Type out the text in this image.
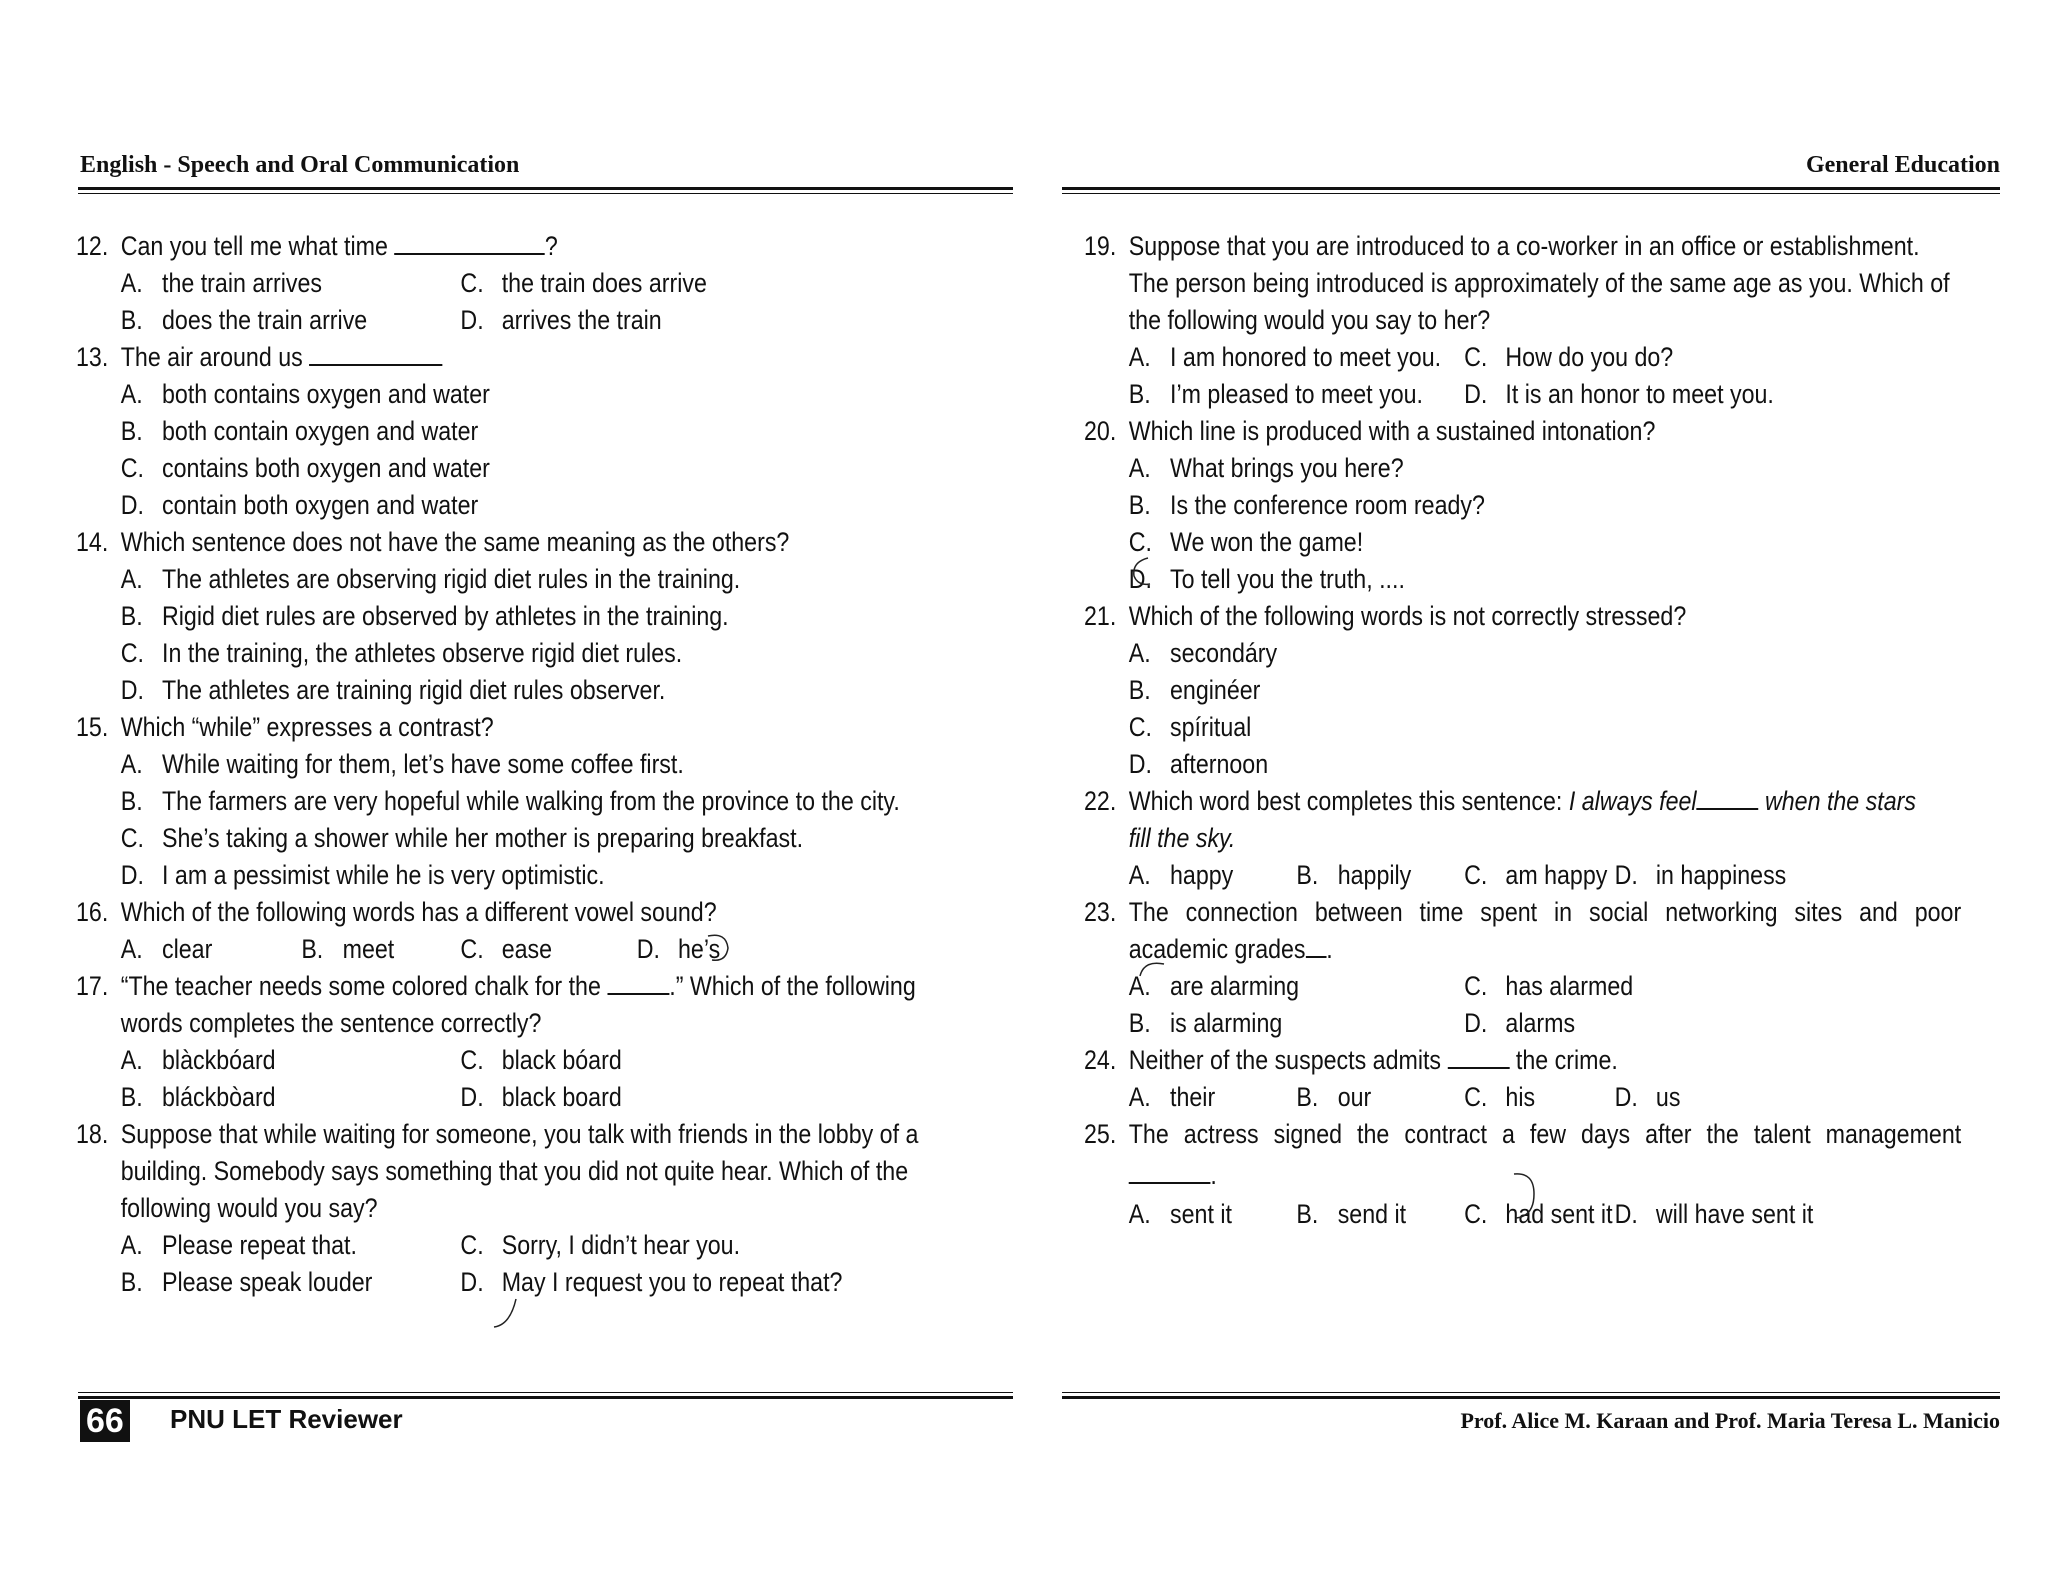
English - Speech and Oral Communication
12. Can you tell me what time	?
A. the train arrives	C. the train does arrive
B. does the train arrive	D. arrives the train
13. The air around us
A. both contains oxygen and water
B. both contain oxygen and water
C. contains both oxygen and water
D. contain both oxygen and water
14. Which sentence does not have the same meaning as the others?
A. The athletes are observing rigid diet rules in the training.
B. Rigid diet rules are observed by athletes in the training.
C. In the training, the athletes observe rigid diet rules.
D. The athletes are training rigid diet rules observer.
15. Which “while” expresses a contrast?
A. While waiting for them, let’s have some coffee first.
B. The farmers are very hopeful while walking from the province to the city.
C. She’s taking a shower while her mother is preparing breakfast.
D. I am a pessimist while he is very optimistic.
16. Which of the following words has a different vowel sound?
A. clear	B. meet C. ease	D. he’s
17. “The teacher needs some colored chalk for the	.” Which of the following
words completes the sentence correctly?
A. blàckbóard	C. black bóard
B. bláckbòard	D. black board
18. Suppose that while waiting for someone, you talk with friends in the lobby of a
building. Somebody says something that you did not quite hear. Which of the
following would you say?
A. Please repeat that.	C. Sorry, I didn’t hear you.
B. Please speak louder	D. May I request you to repeat that?
66 PNU LET Reviewer
General Education
19. Suppose that you are introduced to a co-worker in an office or establishment.
The person being introduced is approximately of the same age as you. Which of
the following would you say to her?
A. I am honored to meet you. C. How do you do?
B. I’m pleased to meet you. D. It is an honor to meet you.
20. Which line is produced with a sustained intonation?
A. What brings you here?
B. Is the conference room ready?
C. We won the game!
D. To tell you the truth, ....
21. Which of the following words is not correctly stressed?
A. secondáry
B. enginéer
C. spíritual
D. afternoon
22. Which word best completes this sentence: I always feel	when the stars
fill the sky.
A. happy B. happily C. am happy D. in happiness
23. The connection between time spent in social networking sites and poor
academic grades .
A. are alarming	C. has alarmed
B. is alarming	D. alarms
24. Neither of the suspects admits	the crime.
A. their	B. our	C. his	D. us
25. The actress signed the contract a few days after the talent management
.
A. sent it B. send it C. had sent it D. will have sent it
Prof. Alice M. Karaan and Prof. Maria Teresa L. Manicio
